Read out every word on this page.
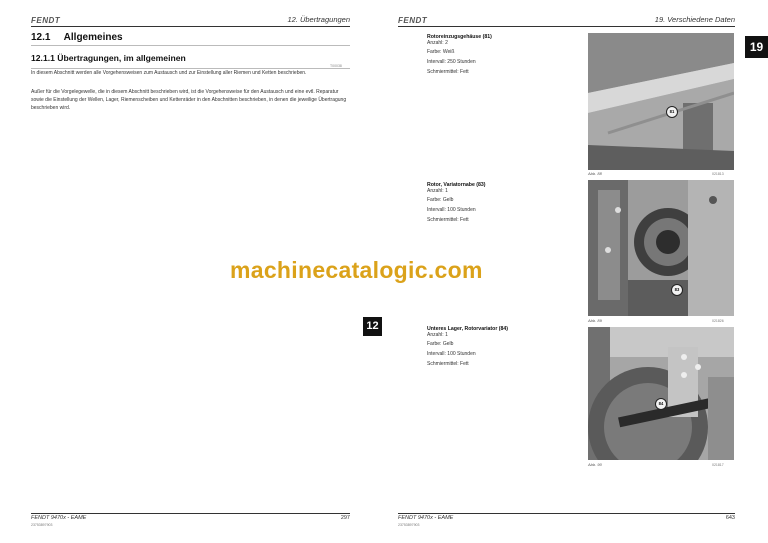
FENDT	12. Übertragungen
12.1 Allgemeines
12.1.1 Übertragungen, im allgemeinen
T00038
In diesem Abschnitt werden alle Vorgehensweisen zum Austausch und zur Einstellung aller Riemen und Ketten beschrieben.
Außer für die Vorgelegewelle, die in diesem Abschnitt beschrieben wird, ist die Vorgehensweise für den Austausch und eine evtl. Reparatur sowie die Einstellung der Wellen, Lager, Riemenscheiben und Kettenräder in den Abschnitten beschrieben, in denen die jeweilige Übertragung beschrieben wird.
12
FENDT 9470x - EAME
23753897903
297
FENDT	19. Verschiedene Daten
19
Rotoreinzugsgehäuse (81)
Anzahl: 2
Farbe: Weiß
Intervall: 250 Stunden
Schmiermittel: Fett
81
Abb. 88	021813
Rotor, Variatornabe (83)
Anzahl: 1
Farbe: Gelb
Intervall: 100 Stunden
Schmiermittel: Fett
83
Abb. 89	021826
Unteres Lager, Rotorvariator (84)
Anzahl: 1
Farbe: Gelb
Intervall: 100 Stunden
Schmiermittel: Fett
84
Abb. 90	021817
FENDT 9470x - EAME
23753897903
643
machinecatalogic.com
